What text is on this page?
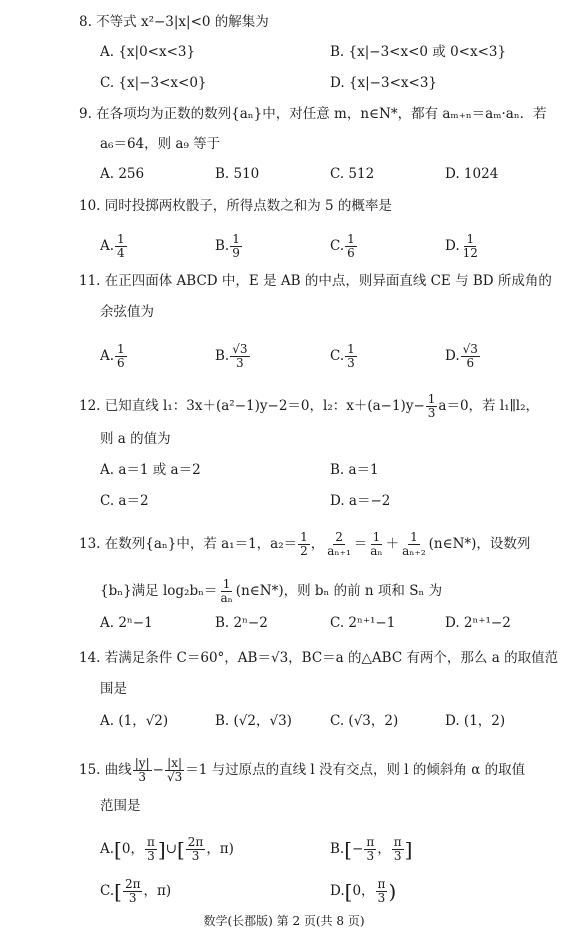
8. 不等式 x²−3|x|<0 的解集为
A. {x|0<x<3}	B. {x|−3<x<0 或 0<x<3}
C. {x|−3<x<0}	D. {x|−3<x<3}
9. 在各项均为正数的数列{aₙ}中，对任意 m，n∈N*，都有 aₘ₊ₙ＝aₘ·aₙ．若
a₆＝64，则 a₉ 等于
A. 256	B. 510	C. 512	D. 1024
10. 同时投掷两枚骰子，所得点数之和为 5 的概率是
A. $\frac{1}{4}$	B. $\frac{1}{9}$	C. $\frac{1}{6}$	D. $\frac{1}{12}$
11. 在正四面体 ABCD 中，E 是 AB 的中点，则异面直线 CE 与 BD 所成角的
余弦值为
A. $\frac{1}{6}$	B. $\frac{√3}{3}$	C. $\frac{1}{3}$	D. $\frac{√3}{6}$
12. 已知直线 l₁：3x＋(a²−1)y−2＝0，l₂：$x+(a-1)y- \frac{1}{3} a=0$，若 l₁∥l₂，
则 a 的值为
A. a＝1 或 a＝2	B. a＝1
C. a＝2	D. a＝−2
13. 在数列{aₙ}中，若 a₁＝1，$a_2= \frac{1}{2}$ ， $\frac{2}{\text{aₙ₊₁}} = \frac{1}{\text{aₙ}} + \frac{1}{\text{aₙ₊₂}}$ (n∈N*)，设数列
{bₙ}满足 $\log_2b_n= \frac{1}{\text{aₙ}}$ (n∈N*)，则 bₙ 的前 n 项和 Sₙ 为
A. 2ⁿ−1	B. 2ⁿ−2	C. 2ⁿ⁺¹−1	D. 2ⁿ⁺¹−2
14. 若满足条件 C＝60°，AB＝√3，BC＝a 的△ABC 有两个，那么 a 的取值范
围是
A. (1，√2)	B. (√2，√3)	C. (√3，2)	D. (1，2)
15. 曲线 $\frac{|y|}{3} - \frac{|x|}{√3} =1$ 与过原点的直线 l 没有交点，则 l 的倾斜角 α 的取值
范围是
A.[0， $\frac{\pi}{3}$ ]∪[ $\frac{2\pi}{3}$ ，π)	$B.[- \frac{\pi}{3}$ ， $\frac{\pi}{3}$ ]
$C.[ \frac{2\pi}{3}$ ，π)	D.[0， $\frac{\pi}{3}$ )
数学(长郡版) 第 2 页(共 8 页)
